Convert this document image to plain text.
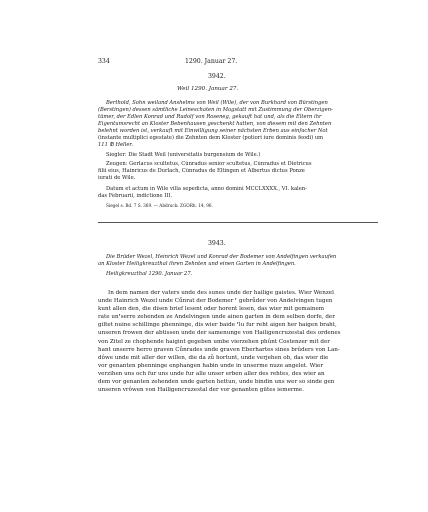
334	1290. Januar 27.

3942.

Weil 1290. Januar 27.

Berthold, Sohn weiland Anshelms von Weil (Wile), der von Burkhard von Bürstingen
(Berstingen) dessen sämtliche Leineschaten in Magstatt mit Zustimmung der Oberzigen-
tümer, der Edlen Konrad und Rudolf von Roseneg, gekauft hat und, als die Eltern ihr
Eigentumsrecht an Kloster Bebenhausen geschenkt hatten, von diesem mit den Zehnten
belehnt worden ist, verkauft mit Einwilligung seiner nächsten Erben aus einfacher Not
(instante multiplici egestate) die Zehnten dem Kloster (potiori iure dominis feodi) um
111 ℔ Heller.

Siegler: Die Stadt Weil (universitatis burgensium de Wile.)

Zeugen: Gerlacus scultetus, Cůnradus senior scultetus, Cůnradus et Dietricus
filii eius, Hainricus de Durlach, Cůnradus de Eltingen et Albertus dictus Ponze
iurati de Wile.
Datum et actum in Wile villa sepedicta, anno domini MCCLXXXX., VI. kalen-
das Februarii, indictione III.

Siegel s. Bd. 7 S. 369. — Abdruck: ZGORh. 14, 96.

3943.

Die Brüder Wezel, Heinrich Wezel und Konrad der Bodemer von Andelfingen verkaufen
an Kloster Heiligkreuzthal ihren Zehnten und einen Garten in Andelfingen.

Heiligkreuzthal 1290. Januar 27.

In dem namen der vaters unde des sunes unde der hailige gaistes. Wier Wenzel
unde Hainrich Wezel unde Cůnrat der Bodemer ⸢ gebrůder von Andelvingen tugen
kunt allen den, die disen brief lesent oder horent lesen, das wier mit gemainem
rate un⸢serre zehenden ze Andelvingen unde ainen garten in dem selben dorfe, der
giltet nuine schillinge phenninge, dis wier baide ⸢lu fur reht aigen her haigen braht,
unseren frowen der abtissen unde der samenunge von Hailigencruzestal des ordenes
von Zitel ze chophende haigint gegeben umbe vierzehen phûnt Costenzer mit der
hant unserre herro graven Cůnrades unde graven Eberhartes sines brûders von Lan-
dôwe unde mit aller der willen, die da zů hortunt, unde verjehen ob, das wier die
vor genanten phenninge enphangen habin unde in unserme nuze angelet. Wier
verzihen uns och fur uns unde fur alle unser erben aller des rehtes, des wier an
dem vor genanten zehenden unde garten hettun, unde bindin uns wer so sinde gen
unseren vrôwen von Hailigencruzestal der vor genanten gütes iemerme.
